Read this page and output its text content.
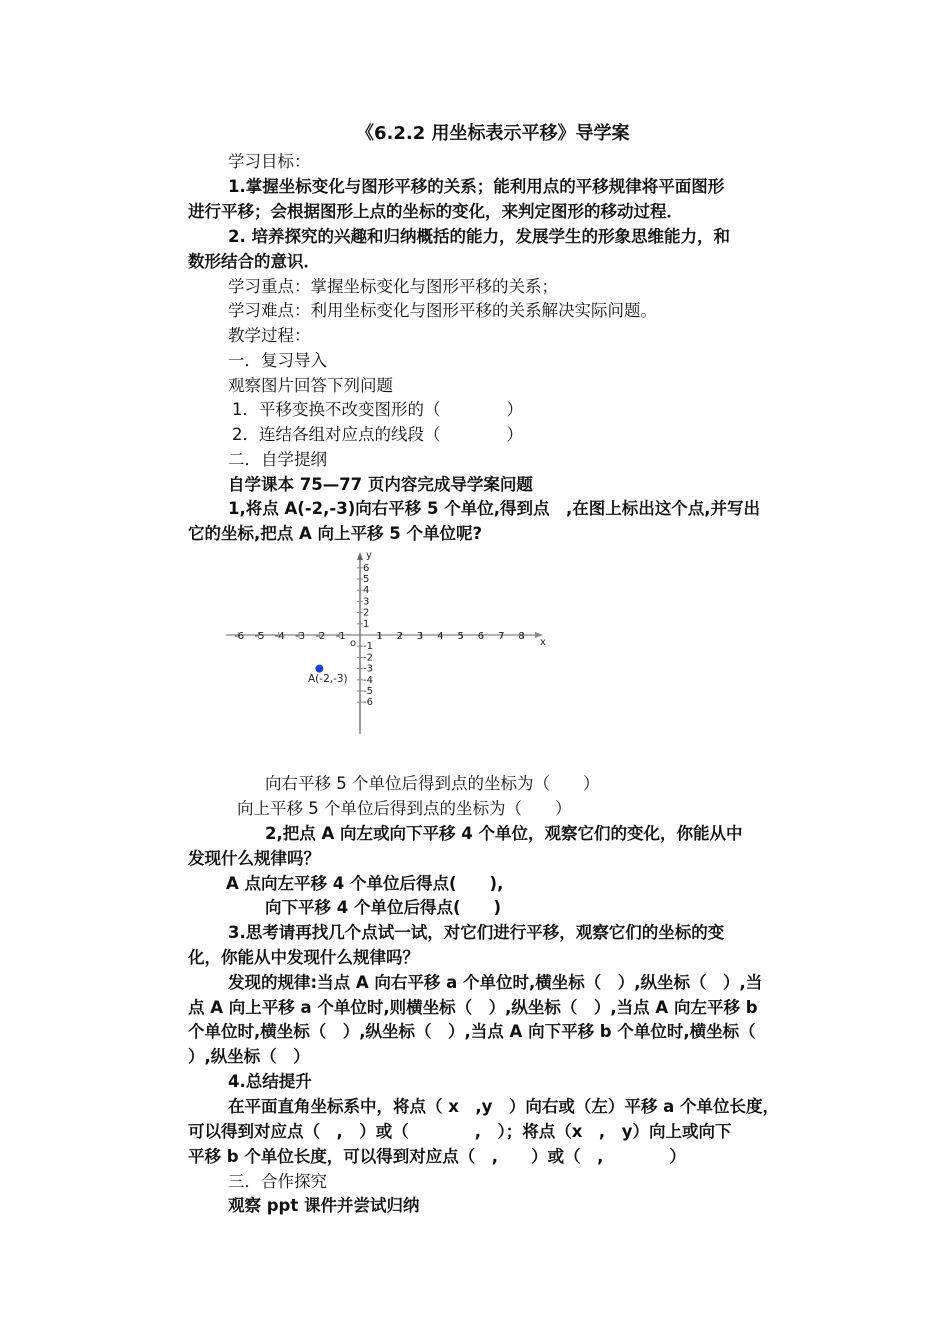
《6.2.2 用坐标表示平移》导学案
学习目标：
1.掌握坐标变化与图形平移的关系；能利用点的平移规律将平面图形
进行平移；会根据图形上点的坐标的变化，来判定图形的移动过程．
2. 培养探究的兴趣和归纳概括的能力，发展学生的形象思维能力，和
数形结合的意识．
学习重点：掌握坐标变化与图形平移的关系；
学习难点：利用坐标变化与图形平移的关系解决实际问题。
教学过程：
一．复习导入
观察图片回答下列问题
1．平移变换不改变图形的（　　　　）
2．连结各组对应点的线段（　　　　）
二．自学提纲
自学课本 75—77 页内容完成导学案问题
1,将点 A(-2,-3)向右平移 5 个单位,得到点　,在图上标出这个点,并写出
它的坐标,把点 A 向上平移 5 个单位呢?
x
y
o
-6 -5 -4 -3 -2 -1	1 2 3 4 5 6 7 8
6
5
4
3
2
1
-1
-2
-3
-4
-5
-6
A(-2,-3)
向右平移 5 个单位后得到点的坐标为（　　）
向上平移 5 个单位后得到点的坐标为（　　）
2,把点 A 向左或向下平移 4 个单位，观察它们的变化，你能从中
发现什么规律吗？
A 点向左平移 4 个单位后得点(　　),
向下平移 4 个单位后得点(　　)
3.思考请再找几个点试一试，对它们进行平移，观察它们的坐标的变
化，你能从中发现什么规律吗？
发现的规律:当点 A 向右平移 a 个单位时,横坐标（　）,纵坐标（　）,当
点 A 向上平移 a 个单位时,则横坐标（　）,纵坐标（　）,当点 A 向左平移 b
个单位时,横坐标（　）,纵坐标（　）,当点 A 向下平移 b 个单位时,横坐标（
）,纵坐标（　）
4.总结提升
在平面直角坐标系中，将点（ x　,y　）向右或（左）平移 a 个单位长度，
可以得到对应点（　,　）或（　　　　,　）；将点（x　,　y）向上或向下
平移 b 个单位长度，可以得到对应点（　,　　）或（　,　　　　）
三．合作探究
观察 ppt 课件并尝试归纳
